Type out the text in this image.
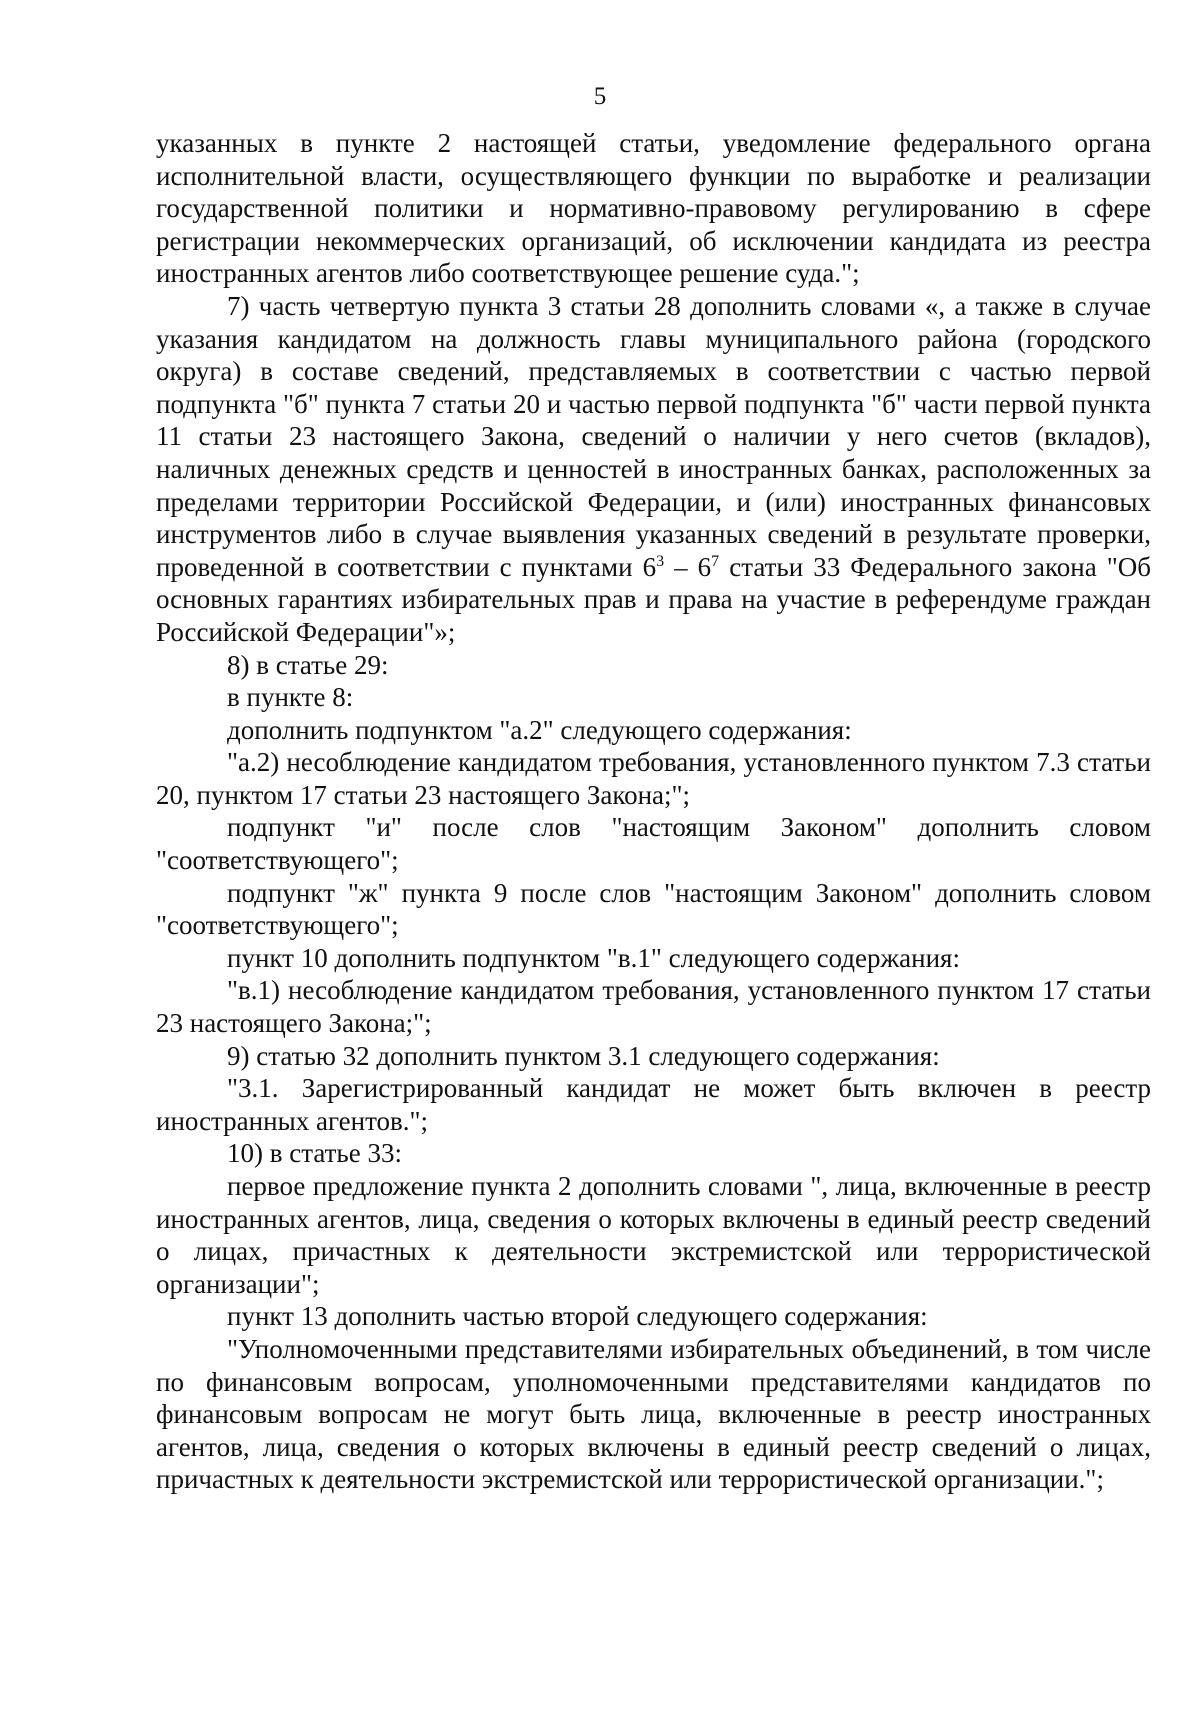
5

указанных в пункте 2 настоящей статьи, уведомление федерального органа исполнительной власти, осуществляющего функции по выработке и реализации государственной политики и нормативно-правовому регулированию в сфере регистрации некоммерческих организаций, об исключении кандидата из реестра иностранных агентов либо соответствующее решение суда.";

7) часть четвертую пункта 3 статьи 28 дополнить словами «, а также в случае указания кандидатом на должность главы муниципального района (городского округа) в составе сведений, представляемых в соответствии с частью первой подпункта "б" пункта 7 статьи 20 и частью первой подпункта "б" части первой пункта 11 статьи 23 настоящего Закона, сведений о наличии у него счетов (вкладов), наличных денежных средств и ценностей в иностранных банках, расположенных за пределами территории Российской Федерации, и (или) иностранных финансовых инструментов либо в случае выявления указанных сведений в результате проверки, проведенной в соответствии с пунктами $6^3 - 6^7$ статьи 33 Федерального закона "Об основных гарантиях избирательных прав и права на участие в референдуме граждан Российской Федерации"»;

8) в статье 29:

в пункте 8:

дополнить подпунктом "а.2" следующего содержания:

"а.2) несоблюдение кандидатом требования, установленного пунктом 7.3 статьи 20, пунктом 17 статьи 23 настоящего Закона;";

подпункт "и" после слов "настоящим Законом" дополнить словом "соответствующего";

подпункт "ж" пункта 9 после слов "настоящим Законом" дополнить словом "соответствующего";

пункт 10 дополнить подпунктом "в.1" следующего содержания:

"в.1) несоблюдение кандидатом требования, установленного пунктом 17 статьи 23 настоящего Закона;";

9) статью 32 дополнить пунктом 3.1 следующего содержания:

"3.1. Зарегистрированный кандидат не может быть включен в реестр иностранных агентов.";

10) в статье 33:

первое предложение пункта 2 дополнить словами ", лица, включенные в реестр иностранных агентов, лица, сведения о которых включены в единый реестр сведений о лицах, причастных к деятельности экстремистской или террористической организации";

пункт 13 дополнить частью второй следующего содержания:

"Уполномоченными представителями избирательных объединений, в том числе по финансовым вопросам, уполномоченными представителями кандидатов по финансовым вопросам не могут быть лица, включенные в реестр иностранных агентов, лица, сведения о которых включены в единый реестр сведений о лицах, причастных к деятельности экстремистской или террористической организации.";
